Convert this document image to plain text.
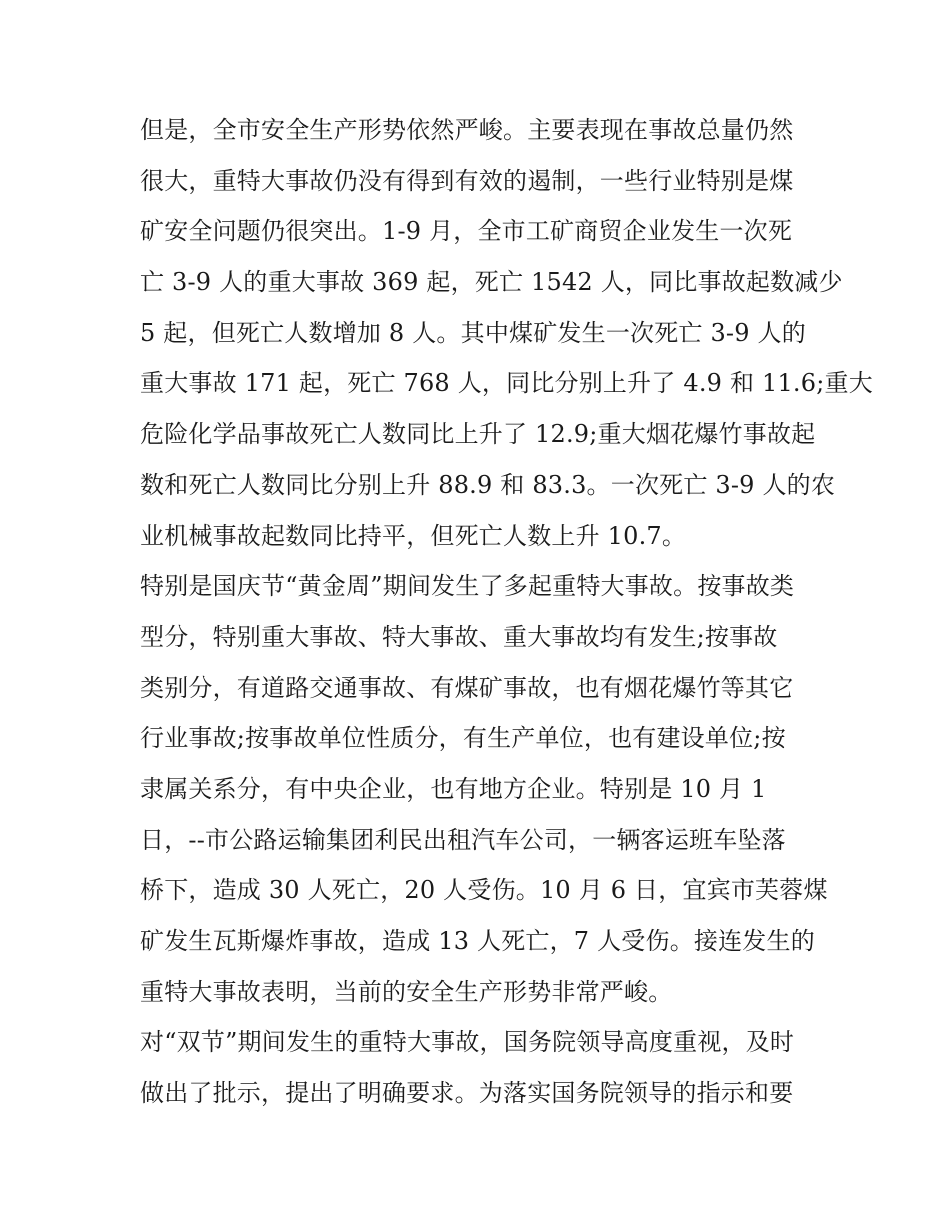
但是，全市安全生产形势依然严峻。主要表现在事故总量仍然
很大，重特大事故仍没有得到有效的遏制，一些行业特别是煤
矿安全问题仍很突出。1-9 月，全市工矿商贸企业发生一次死
亡 3-9 人的重大事故 369 起，死亡 1542 人，同比事故起数减少
5 起，但死亡人数增加 8 人。其中煤矿发生一次死亡 3-9 人的
重大事故 171 起，死亡 768 人，同比分别上升了 4.9 和 11.6;重大
危险化学品事故死亡人数同比上升了 12.9;重大烟花爆竹事故起
数和死亡人数同比分别上升 88.9 和 83.3。一次死亡 3-9 人的农
业机械事故起数同比持平，但死亡人数上升 10.7。
特别是国庆节“黄金周”期间发生了多起重特大事故。按事故类
型分，特别重大事故、特大事故、重大事故均有发生;按事故
类别分，有道路交通事故、有煤矿事故，也有烟花爆竹等其它
行业事故;按事故单位性质分，有生产单位，也有建设单位;按
隶属关系分，有中央企业，也有地方企业。特别是 10 月 1
日，--市公路运输集团利民出租汽车公司，一辆客运班车坠落
桥下，造成 30 人死亡，20 人受伤。10 月 6 日，宜宾市芙蓉煤
矿发生瓦斯爆炸事故，造成 13 人死亡，7 人受伤。接连发生的
重特大事故表明，当前的安全生产形势非常严峻。
对“双节”期间发生的重特大事故，国务院领导高度重视，及时
做出了批示，提出了明确要求。为落实国务院领导的指示和要
